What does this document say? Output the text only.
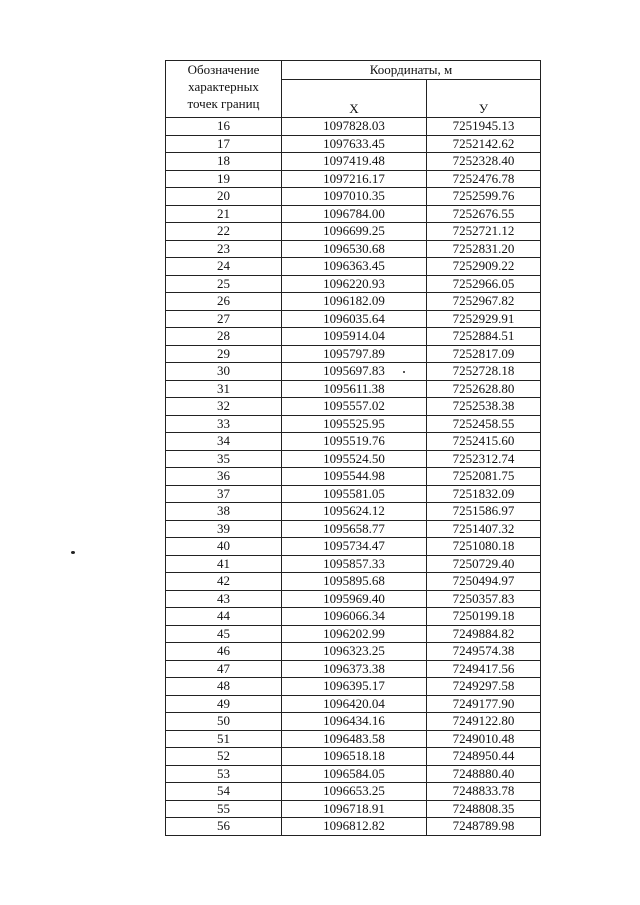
Обозначение
характерных
точек границ	Координаты, м	
	X	У
16	1097828.03	7251945.13
17	1097633.45	7252142.62
18	1097419.48	7252328.40
19	1097216.17	7252476.78
20	1097010.35	7252599.76
21	1096784.00	7252676.55
22	1096699.25	7252721.12
23	1096530.68	7252831.20
24	1096363.45	7252909.22
25	1096220.93	7252966.05
26	1096182.09	7252967.82
27	1096035.64	7252929.91
28	1095914.04	7252884.51
29	1095797.89	7252817.09
30	1095697.83	7252728.18
31	1095611.38	7252628.80
32	1095557.02	7252538.38
33	1095525.95	7252458.55
34	1095519.76	7252415.60
35	1095524.50	7252312.74
36	1095544.98	7252081.75
37	1095581.05	7251832.09
38	1095624.12	7251586.97
39	1095658.77	7251407.32
40	1095734.47	7251080.18
41	1095857.33	7250729.40
42	1095895.68	7250494.97
43	1095969.40	7250357.83
44	1096066.34	7250199.18
45	1096202.99	7249884.82
46	1096323.25	7249574.38
47	1096373.38	7249417.56
48	1096395.17	7249297.58
49	1096420.04	7249177.90
50	1096434.16	7249122.80
51	1096483.58	7249010.48
52	1096518.18	7248950.44
53	1096584.05	7248880.40
54	1096653.25	7248833.78
55	1096718.91	7248808.35
56	1096812.82	7248789.98
